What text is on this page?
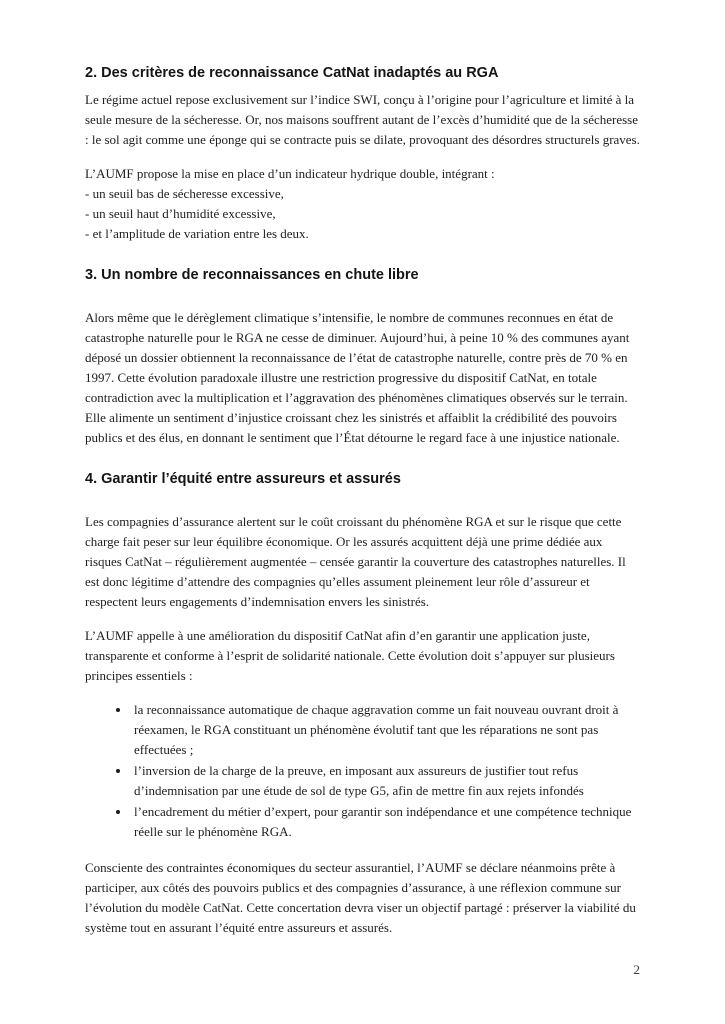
2. Des critères de reconnaissance CatNat inadaptés au RGA

Le régime actuel repose exclusivement sur l’indice SWI, conçu à l’origine pour l’agriculture et limité à la seule mesure de la sécheresse. Or, nos maisons souffrent autant de l’excès d’humidité que de la sécheresse : le sol agit comme une éponge qui se contracte puis se dilate, provoquant des désordres structurels graves.

L’AUMF propose la mise en place d’un indicateur hydrique double, intégrant :
- un seuil bas de sécheresse excessive,
- un seuil haut d’humidité excessive,
- et l’amplitude de variation entre les deux.
3. Un nombre de reconnaissances en chute libre

Alors même que le dérèglement climatique s’intensifie, le nombre de communes reconnues en état de catastrophe naturelle pour le RGA ne cesse de diminuer. Aujourd’hui, à peine 10 % des communes ayant déposé un dossier obtiennent la reconnaissance de l’état de catastrophe naturelle, contre près de 70 % en 1997. Cette évolution paradoxale illustre une restriction progressive du dispositif CatNat, en totale contradiction avec la multiplication et l’aggravation des phénomènes climatiques observés sur le terrain. Elle alimente un sentiment d’injustice croissant chez les sinistrés et affaiblit la crédibilité des pouvoirs publics et des élus, en donnant le sentiment que l’État détourne le regard face à une injustice nationale.

4. Garantir l’équité entre assureurs et assurés

Les compagnies d’assurance alertent sur le coût croissant du phénomène RGA et sur le risque que cette charge fait peser sur leur équilibre économique. Or les assurés acquittent déjà une prime dédiée aux risques CatNat – régulièrement augmentée – censée garantir la couverture des catastrophes naturelles. Il est donc légitime d’attendre des compagnies qu’elles assument pleinement leur rôle d’assureur et respectent leurs engagements d’indemnisation envers les sinistrés.

L’AUMF appelle à une amélioration du dispositif CatNat afin d’en garantir une application juste, transparente et conforme à l’esprit de solidarité nationale. Cette évolution doit s’appuyer sur plusieurs principes essentiels :

• la reconnaissance automatique de chaque aggravation comme un fait nouveau ouvrant droit à réexamen, le RGA constituant un phénomène évolutif tant que les réparations ne sont pas effectuées ;
• l’inversion de la charge de la preuve, en imposant aux assureurs de justifier tout refus d’indemnisation par une étude de sol de type G5, afin de mettre fin aux rejets infondés
• l’encadrement du métier d’expert, pour garantir son indépendance et une compétence technique réelle sur le phénomène RGA.

Consciente des contraintes économiques du secteur assurantiel, l’AUMF se déclare néanmoins prête à participer, aux côtés des pouvoirs publics et des compagnies d’assurance, à une réflexion commune sur l’évolution du modèle CatNat. Cette concertation devra viser un objectif partagé : préserver la viabilité du système tout en assurant l’équité entre assureurs et assurés.

2
